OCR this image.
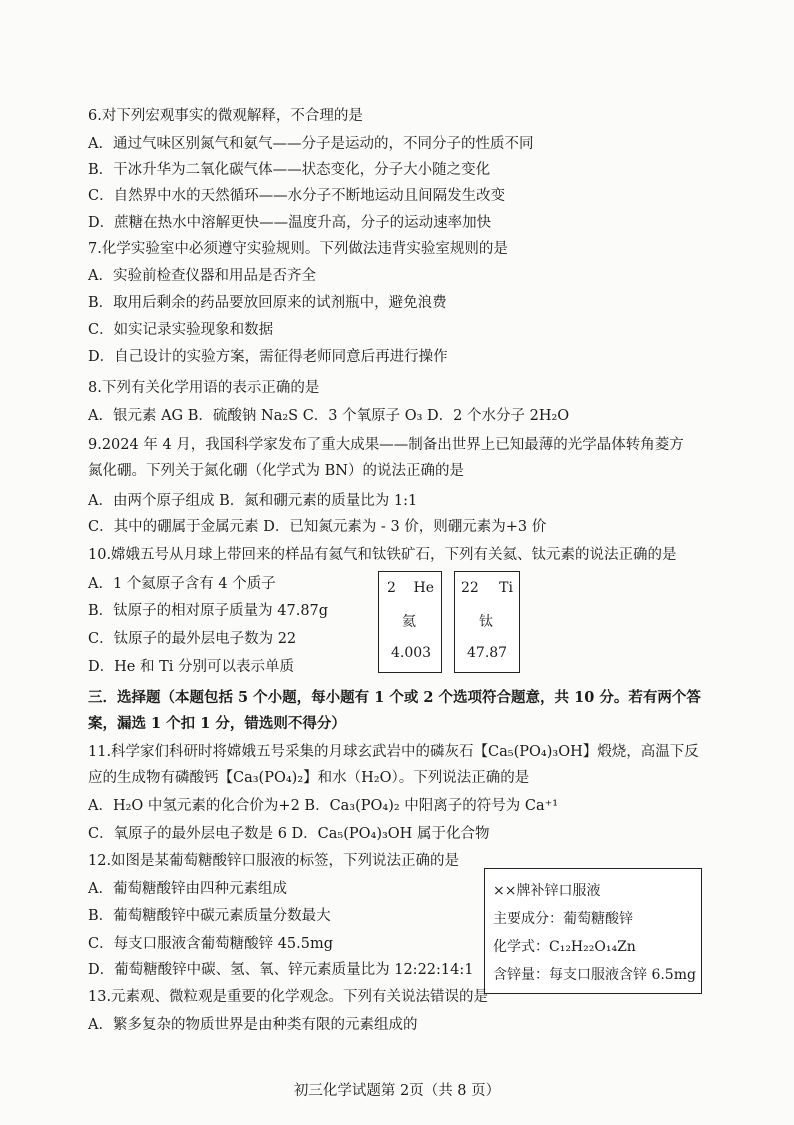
6.对下列宏观事实的微观解释，不合理的是
A．通过气味区别氮气和氨气——分子是运动的，不同分子的性质不同
B．干冰升华为二氧化碳气体——状态变化，分子大小随之变化
C．自然界中水的天然循环——水分子不断地运动且间隔发生改变
D．蔗糖在热水中溶解更快——温度升高，分子的运动速率加快
7.化学实验室中必须遵守实验规则。下列做法违背实验室规则的是
A．实验前检查仪器和用品是否齐全
B．取用后剩余的药品要放回原来的试剂瓶中，避免浪费
C．如实记录实验现象和数据
D．自己设计的实验方案，需征得老师同意后再进行操作
8.下列有关化学用语的表示正确的是
A．银元素 AG B．硫酸钠 Na₂S C．3 个氧原子 O₃ D．2 个水分子 2H₂O
9.2024 年 4 月，我国科学家发布了重大成果——制备出世界上已知最薄的光学晶体转角菱方
氮化硼。下列关于氮化硼（化学式为 BN）的说法正确的是
A．由两个原子组成 B．氮和硼元素的质量比为 1:1
C．其中的硼属于金属元素 D．已知氮元素为 - 3 价，则硼元素为+3 价
10.嫦娥五号从月球上带回来的样品有氦气和钛铁矿石，下列有关氦、钛元素的说法正确的是
A．1 个氦原子含有 4 个质子
B．钛原子的相对原子质量为 47.87g
C．钛原子的最外层电子数为 22
D．He 和 Ti 分别可以表示单质
2 He
氦
4.003
22 Ti
钛
47.87
三．选择题（本题包括 5 个小题，每小题有 1 个或 2 个选项符合题意，共 10 分。若有两个答
案，漏选 1 个扣 1 分，错选则不得分）
11.科学家们科研时将嫦娥五号采集的月球玄武岩中的磷灰石【Ca₅(PO₄)₃OH】煅烧，高温下反
应的生成物有磷酸钙【Ca₃(PO₄)₂】和水（H₂O）。下列说法正确的是
A．H₂O 中氢元素的化合价为+2 B．Ca₃(PO₄)₂ 中阳离子的符号为 Ca⁺¹
C．氧原子的最外层电子数是 6 D．Ca₅(PO₄)₃OH 属于化合物
12.如图是某葡萄糖酸锌口服液的标签，下列说法正确的是
A．葡萄糖酸锌由四种元素组成
B．葡萄糖酸锌中碳元素质量分数最大
C．每支口服液含葡萄糖酸锌 45.5mg
D．葡萄糖酸锌中碳、氢、氧、锌元素质量比为 12:22:14:1
××牌补锌口服液
主要成分：葡萄糖酸锌
化学式：C₁₂H₂₂O₁₄Zn
含锌量：每支口服液含锌 6.5mg
13.元素观、微粒观是重要的化学观念。下列有关说法错误的是
A．繁多复杂的物质世界是由种类有限的元素组成的
初三化学试题第 2页（共 8 页）
